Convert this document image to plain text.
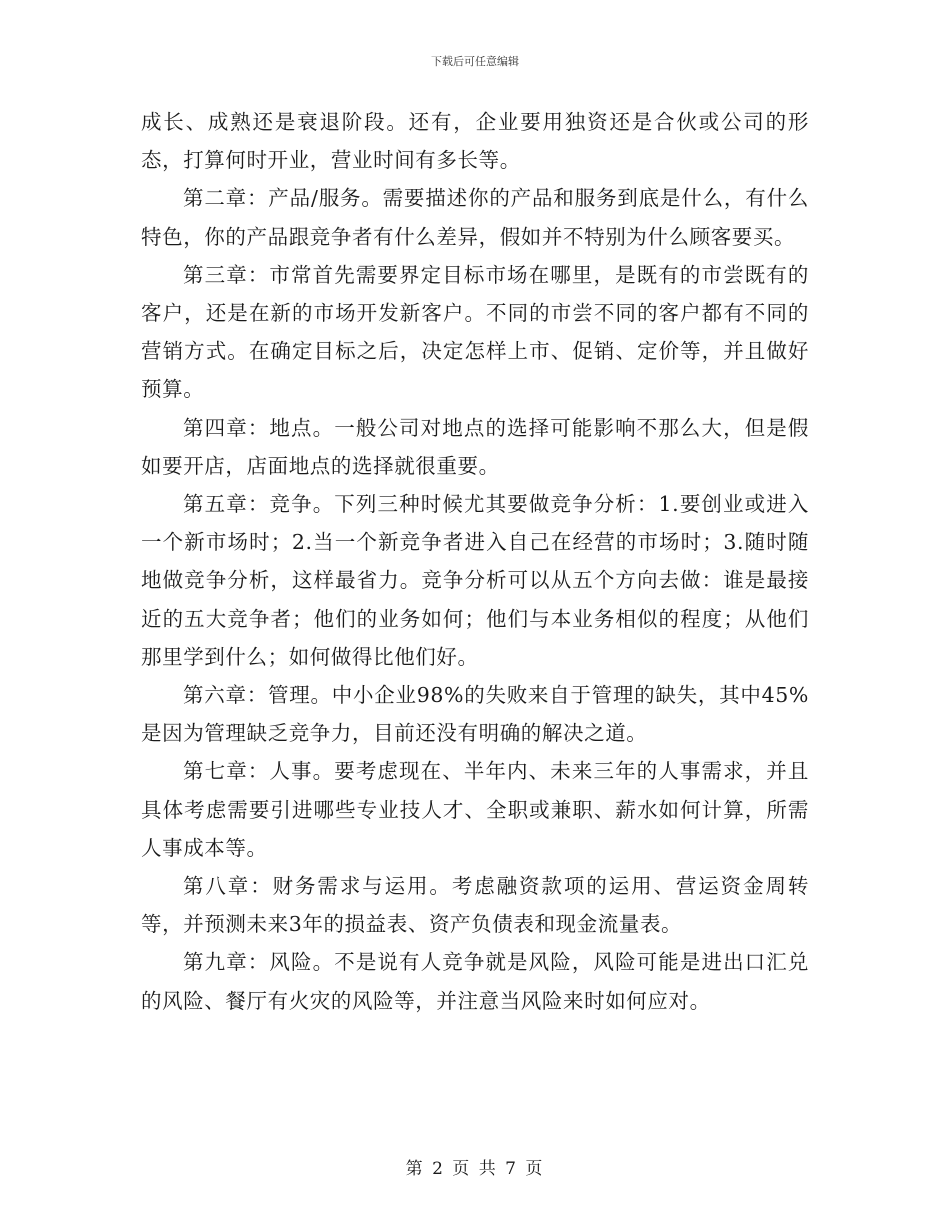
下载后可任意编辑

成长、成熟还是衰退阶段。还有，企业要用独资还是合伙或公司的形态，打算何时开业，营业时间有多长等。

第二章：产品/服务。需要描述你的产品和服务到底是什么，有什么特色，你的产品跟竞争者有什么差异，假如并不特别为什么顾客要买。

第三章：市常首先需要界定目标市场在哪里，是既有的市尝既有的客户，还是在新的市场开发新客户。不同的市尝不同的客户都有不同的营销方式。在确定目标之后，决定怎样上市、促销、定价等，并且做好预算。

第四章：地点。一般公司对地点的选择可能影响不那么大，但是假如要开店，店面地点的选择就很重要。

第五章：竞争。下列三种时候尤其要做竞争分析：1.要创业或进入一个新市场时；2.当一个新竞争者进入自己在经营的市场时；3.随时随地做竞争分析，这样最省力。竞争分析可以从五个方向去做：谁是最接近的五大竞争者；他们的业务如何；他们与本业务相似的程度；从他们那里学到什么；如何做得比他们好。

第六章：管理。中小企业98%的失败来自于管理的缺失，其中45%是因为管理缺乏竞争力，目前还没有明确的解决之道。

第七章：人事。要考虑现在、半年内、未来三年的人事需求，并且具体考虑需要引进哪些专业技人才、全职或兼职、薪水如何计算，所需人事成本等。

第八章：财务需求与运用。考虑融资款项的运用、营运资金周转等，并预测未来3年的损益表、资产负债表和现金流量表。

第九章：风险。不是说有人竞争就是风险，风险可能是进出口汇兑的风险、餐厅有火灾的风险等，并注意当风险来时如何应对。

第 2 页 共 7 页
